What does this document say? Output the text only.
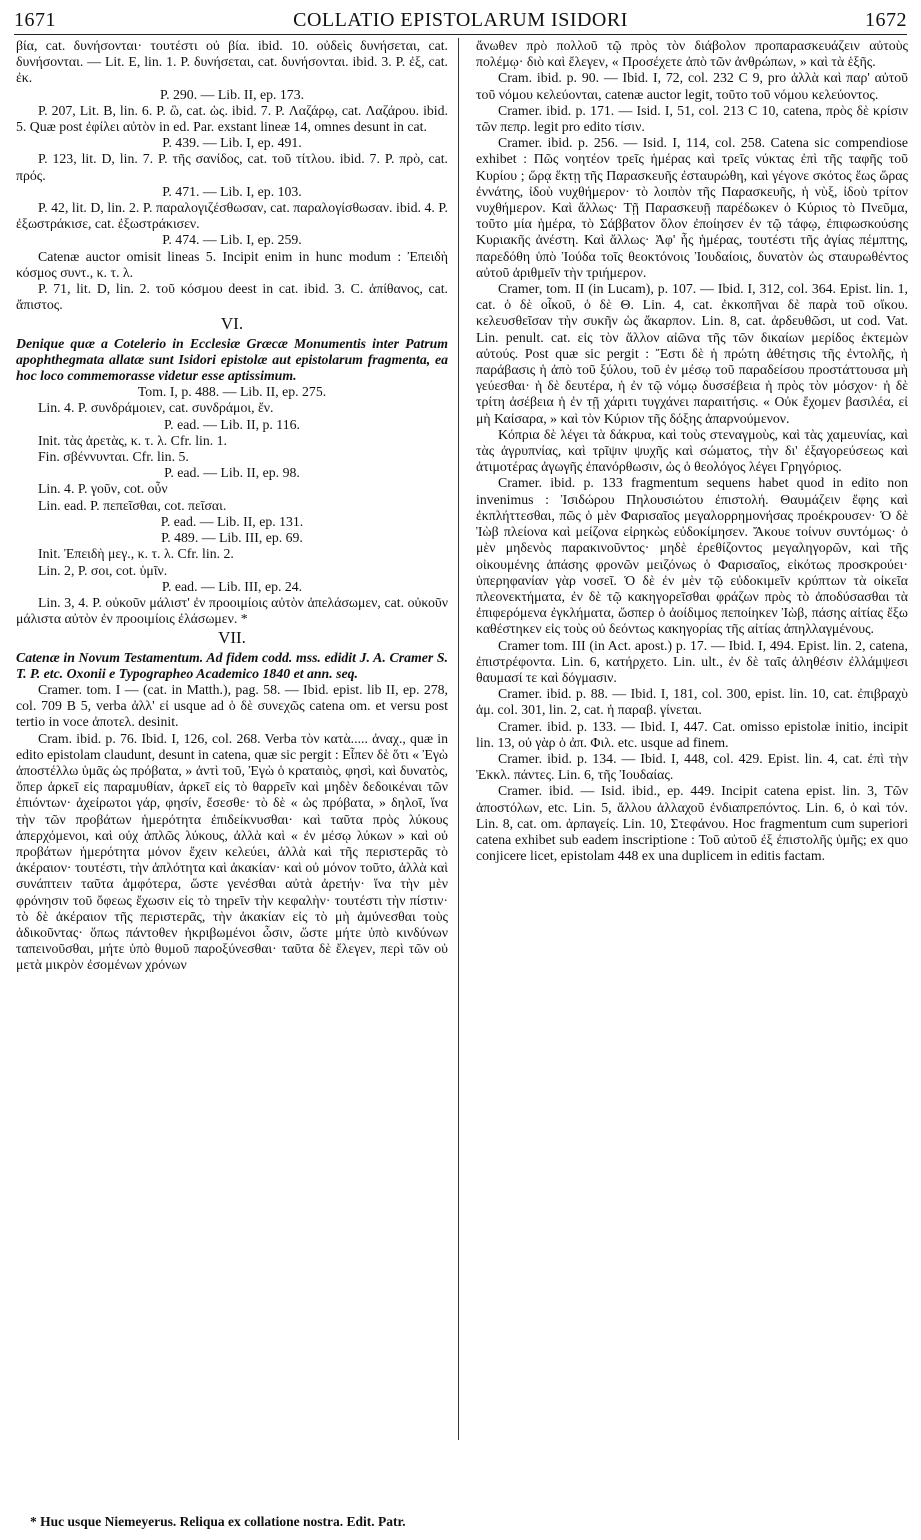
1671	COLLATIO EPISTOLARUM ISIDORI	1672

βία, cat. δυνήσονται· τουτέστι οὐ βία. ibid. 10. οὐδεὶς δυνήσεται, cat. δυνήσονται. — Lit. E, lin. 1. P. δυνήσεται, cat. δυνήσονται. ibid. 3. P. ἐξ, cat. ἐκ.

P. 290. — Lib. II, ep. 173.

P. 207, Lit. B, lin. 6. P. ὣ, cat. ὡς. ibid. 7. P. Λαζάρῳ, cat. Λαζάρου. ibid. 5. Quæ post ἐφίλει αὐτὸν in ed. Par. exstant lineæ 14, omnes desunt in cat.

P. 439. — Lib. I, ep. 491.

P. 123, lit. D, lin. 7. P. τῆς σανίδος, cat. τοῦ τίτλου. ibid. 7. P. πρὸ, cat. πρός.

P. 471. — Lib. I, ep. 103.

P. 42, lit. D, lin. 2. P. παραλογιζέσθωσαν, cat. παραλογίσθωσαν. ibid. 4. P. ἐξωστράκισε, cat. ἐξωστράκισεν.

P. 474. — Lib. I, ep. 259.

Catenæ auctor omisit lineas 5. Incipit enim in hunc modum : Ἐπειδὴ κόσμος συντ., κ. τ. λ.

P. 71, lit. D, lin. 2. τοῦ κόσμου deest in cat. ibid. 3. C. ἀπίθανος, cat. ἄπιστος.

VI.

Denique quæ a Cotelerio in Ecclesiæ Græcæ Monumentis inter Patrum apophthegmata allatæ sunt Isidori epistolæ aut epistolarum fragmenta, ea hoc loco commemorasse videtur esse aptissimum.

Tom. I, p. 488. — Lib. II, ep. 275.

Lin. 4. P. συνδράμοιεν, cat. συνδράμοι, ἔν.

P. ead. — Lib. II, p. 116.

Init. τὰς ἀρετὰς, κ. τ. λ. Cfr. lin. 1.

Fin. σβέννυνται. Cfr. lin. 5.

P. ead. — Lib. II, ep. 98.

Lin. 4. P. γοῦν, cot. οὖν

Lin. ead. P. πεπεῖσθαι, cot. πεῖσαι.

P. ead. — Lib. II, ep. 131.

P. 489. — Lib. III, ep. 69.

Init. Ἐπειδὴ μεγ., κ. τ. λ. Cfr. lin. 2.

Lin. 2, P. σοι, cot. ὑμῖν.

P. ead. — Lib. III, ep. 24.

Lin. 3, 4. P. οὐκοῦν μάλιστ' ἐν προοιμίοις αὐτὸν ἀπελάσωμεν, cat. οὐκοῦν μάλιστα αὐτὸν ἐν προοιμίοις ἐλάσωμεν. *

VII.

Catenæ in Novum Testamentum. Ad fidem codd. mss. edidit J. A. Cramer S. T. P. etc. Oxonii e Typographeo Academico 1840 et ann. seq.

Cramer. tom. I — (cat. in Matth.), pag. 58. — Ibid. epist. lib II, ep. 278, col. 709 B 5, verba ἀλλ' εἰ usque ad ὁ δὲ συνεχῶς catena om. et versu post tertio in voce ἀποτελ. desinit.

Cram. ibid. p. 76. Ibid. I, 126, col. 268. Verba τὸν κατὰ..... ἀναχ., quæ in edito epistolam claudunt, desunt in catena, quæ sic pergit : Εἶπεν δὲ ὅτι « Ἐγὼ ἀποστέλλω ὑμᾶς ὡς πρόβατα, » ἀντὶ τοῦ, Ἐγὼ ὁ κραταιὸς, φησὶ, καὶ δυνατὸς, ὅπερ ἀρκεῖ εἰς παραμυθίαν, ἀρκεῖ εἰς τὸ θαρρεῖν καὶ μηδὲν δεδοικέναι τῶν ἐπιόντων· ἀχείρωτοι γάρ, φησίν, ἔσεσθε· τὸ δὲ « ὡς πρόβατα, » δηλοῖ, ἵνα τὴν τῶν προβάτων ἡμερότητα ἐπιδείκνυσθαι· καὶ ταῦτα πρὸς λύκους ἀπερχόμενοι, καὶ οὐχ ἁπλῶς λύκους, ἀλλὰ καὶ « ἐν μέσῳ λύκων » καὶ οὐ προβάτων ἡμερότητα μόνον ἔχειν κελεύει, ἀλλὰ καὶ τῆς περιστερᾶς τὸ ἀκέραιον· τουτέστι, τὴν ἁπλότητα καὶ ἀκακίαν· καὶ οὐ μόνον τοῦτο, ἀλλὰ καὶ συνάπτειν ταῦτα ἀμφότερα, ὥστε γενέσθαι αὐτὰ ἀρετήν· ἵνα τὴν μὲν φρόνησιν τοῦ ὄφεως ἔχωσιν εἰς τὸ τηρεῖν τὴν κεφαλὴν· τουτέστι τὴν πίστιν· τὸ δὲ ἀκέραιον τῆς περιστερᾶς, τὴν ἀκακίαν εἰς τὸ μὴ ἀμύνεσθαι τοὺς ἀδικοῦντας· ὅπως πάντοθεν ἠκριβωμένοι ὦσιν, ὥστε μήτε ὑπὸ κινδύνων ταπεινοῦσθαι, μήτε ὑπὸ θυμοῦ παροξύνεσθαι· ταῦτα δὲ ἔλεγεν, περὶ τῶν οὐ μετὰ μικρὸν ἐσομένων χρόνων

ἄνωθεν πρὸ πολλοῦ τῷ πρὸς τὸν διάβολον προπαρασκευάζειν αὐτοὺς πολέμῳ· διὸ καὶ ἔλεγεν, « Προσέχετε ἀπὸ τῶν ἀνθρώπων, » καὶ τὰ ἑξῆς.

Cram. ibid. p. 90. — Ibid. I, 72, col. 232 C 9, pro ἀλλὰ καὶ παρ' αὐτοῦ τοῦ νόμου κελεύονται, catenæ auctor legit, τοῦτο τοῦ νόμου κελεύοντος.

Cramer. ibid. p. 171. — Isid. I, 51, col. 213 C 10, catena, πρὸς δὲ κρίσιν τῶν πεπρ. legit pro edito τίσιν.

Cramer. ibid. p. 256. — Isid. I, 114, col. 258. Catena sic compendiose exhibet : Πῶς νοητέον τρεῖς ἡμέρας καὶ τρεῖς νύκτας ἐπὶ τῆς ταφῆς τοῦ Κυρίου ; ὥρᾳ ἕκτῃ τῆς Παρασκευῆς ἐσταυρώθη, καὶ γέγονε σκότος ἕως ὥρας ἐννάτης, ἰδοὺ νυχθήμερον· τὸ λοιπὸν τῆς Παρασκευῆς, ἡ νὺξ, ἰδοὺ τρίτον νυχθήμερον. Καὶ ἄλλως· Τῇ Παρασκευῇ παρέδωκεν ὁ Κύριος τὸ Πνεῦμα, τοῦτο μία ἡμέρα, τὸ Σάββατον ὅλον ἐποίησεν ἐν τῷ τάφῳ, ἐπιφωσκούσης Κυριακῆς ἀνέστη. Καὶ ἄλλως· Ἀφ' ἧς ἡμέρας, τουτέστι τῆς ἁγίας πέμπτης, παρεδόθη ὑπὸ Ἰούδα τοῖς θεοκτόνοις Ἰουδαίοις, δυνατὸν ὡς σταυρωθέντος αὐτοῦ ἀριθμεῖν τὴν τριήμερον.

Cramer, tom. II (in Lucam), p. 107. — Ibid. I, 312, col. 364. Epist. lin. 1, cat. ὁ δὲ οἶκοῦ, ὁ δὲ Θ. Lin. 4, cat. ἐκκοπῆναι δὲ παρὰ τοῦ οἴκου. κελευσθεῖσαν τὴν συκῆν ὡς ἄκαρπον. Lin. 8, cat. ἀρδευθῶσι, ut cod. Vat. Lin. penult. cat. εἰς τὸν ἄλλον αἰῶνα τῆς τῶν δικαίων μερίδος ἐκτεμὼν αὐτούς. Post quæ sic pergit : Ἔστι δὲ ἡ πρώτη ἀθέτησις τῆς ἐντολῆς, ἡ παράβασις ἡ ἀπὸ τοῦ ξύλου, τοῦ ἐν μέσῳ τοῦ παραδείσου προστάττουσα μὴ γεύεσθαι· ἡ δὲ δευτέρα, ἡ ἐν τῷ νόμῳ δυσσέβεια ἡ πρὸς τὸν μόσχον· ἡ δὲ τρίτη ἀσέβεια ἡ ἐν τῇ χάριτι τυγχάνει παραιτήσις. « Οὐκ ἔχομεν βασιλέα, εἰ μὴ Καίσαρα, » καὶ τὸν Κύριον τῆς δόξης ἀπαρνούμενον.

Κόπρια δὲ λέγει τὰ δάκρυα, καὶ τοὺς στεναγμοὺς, καὶ τὰς χαμευνίας, καὶ τὰς ἀγρυπνίας, καὶ τρῖψιν ψυχῆς καὶ σώματος, τὴν δι' ἐξαγορεύσεως καὶ ἀτιμοτέρας ἀγωγῆς ἐπανόρθωσιν, ὡς ὁ θεολόγος λέγει Γρηγόριος.

Cramer. ibid. p. 133 fragmentum sequens habet quod in edito non invenimus : Ἰσιδώρου Πηλουσιώτου ἐπιστολή. Θαυμάζειν ἔφης καὶ ἐκπλήττεσθαι, πῶς ὁ μὲν Φαρισαῖος μεγαλορρημονήσας προέκρουσεν· Ὁ δὲ Ἰὼβ πλείονα καὶ μείζονα εἰρηκὼς εὐδοκίμησεν. Ἄκουε τοίνυν συντόμως· ὁ μὲν μηδενὸς παρακινοῦντος· μηδὲ ἐρεθίζοντος μεγαληγορῶν, καὶ τῆς οἰκουμένης ἁπάσης φρονῶν μειζόνως ὁ Φαρισαῖος, εἰκότως προσκρούει· ὑπερηφανίαν γὰρ νοσεῖ. Ὁ δὲ ἐν μὲν τῷ εὐδοκιμεῖν κρύπτων τὰ οἰκεῖα πλεονεκτήματα, ἐν δὲ τῷ κακηγορεῖσθαι φράζων πρὸς τὸ ἀποδύσασθαι τὰ ἐπιφερόμενα ἐγκλήματα, ὥσπερ ὁ ἀοίδιμος πεποίηκεν Ἰὼβ, πάσης αἰτίας ἔξω καθέστηκεν εἰς τοὺς οὐ δεόντως κακηγορίας τῆς αἰτίας ἀπηλλαγμένους.

Cramer tom. III (in Act. apost.) p. 17. — Ibid. I, 494. Epist. lin. 2, catena, ἐπιστρέφοντα. Lin. 6, κατήρχετο. Lin. ult., ἐν δὲ ταῖς ἀληθέσιν ἐλλάμψεσι θαυμασί τε καὶ δόγμασιν.

Cramer. ibid. p. 88. — Ibid. I, 181, col. 300, epist. lin. 10, cat. ἐπιβραχὺ ἀμ. col. 301, lin. 2, cat. ἡ παραβ. γίνεται.

Cramer. ibid. p. 133. — Ibid. I, 447. Cat. omisso epistolæ initio, incipit lin. 13, οὐ γὰρ ὁ ἀπ. Φιλ. etc. usque ad finem.

Cramer. ibid. p. 134. — Ibid. I, 448, col. 429. Epist. lin. 4, cat. ἐπὶ τὴν Ἐκκλ. πάντες. Lin. 6, τῆς Ἰουδαίας.

Cramer. ibid. — Isid. ibid., ep. 449. Incipit catena epist. lin. 3, Τῶν ἀποστόλων, etc. Lin. 5, ἄλλου ἀλλαχοῦ ἐνδιαπρεπόντος. Lin. 6, ὁ καὶ τόν. Lin. 8, cat. om. ἁρπαγείς. Lin. 10, Στεφάνου. Hoc fragmentum cum superiori catena exhibet sub eadem inscriptione : Τοῦ αὐτοῦ ἐξ ἐπιστολῆς ὑμῆς; ex quo conjicere licet, epistolam 448 ex una duplicem in editis factam.

* Huc usque Niemeyerus. Reliqua ex collatione nostra. Edit. Patr.
